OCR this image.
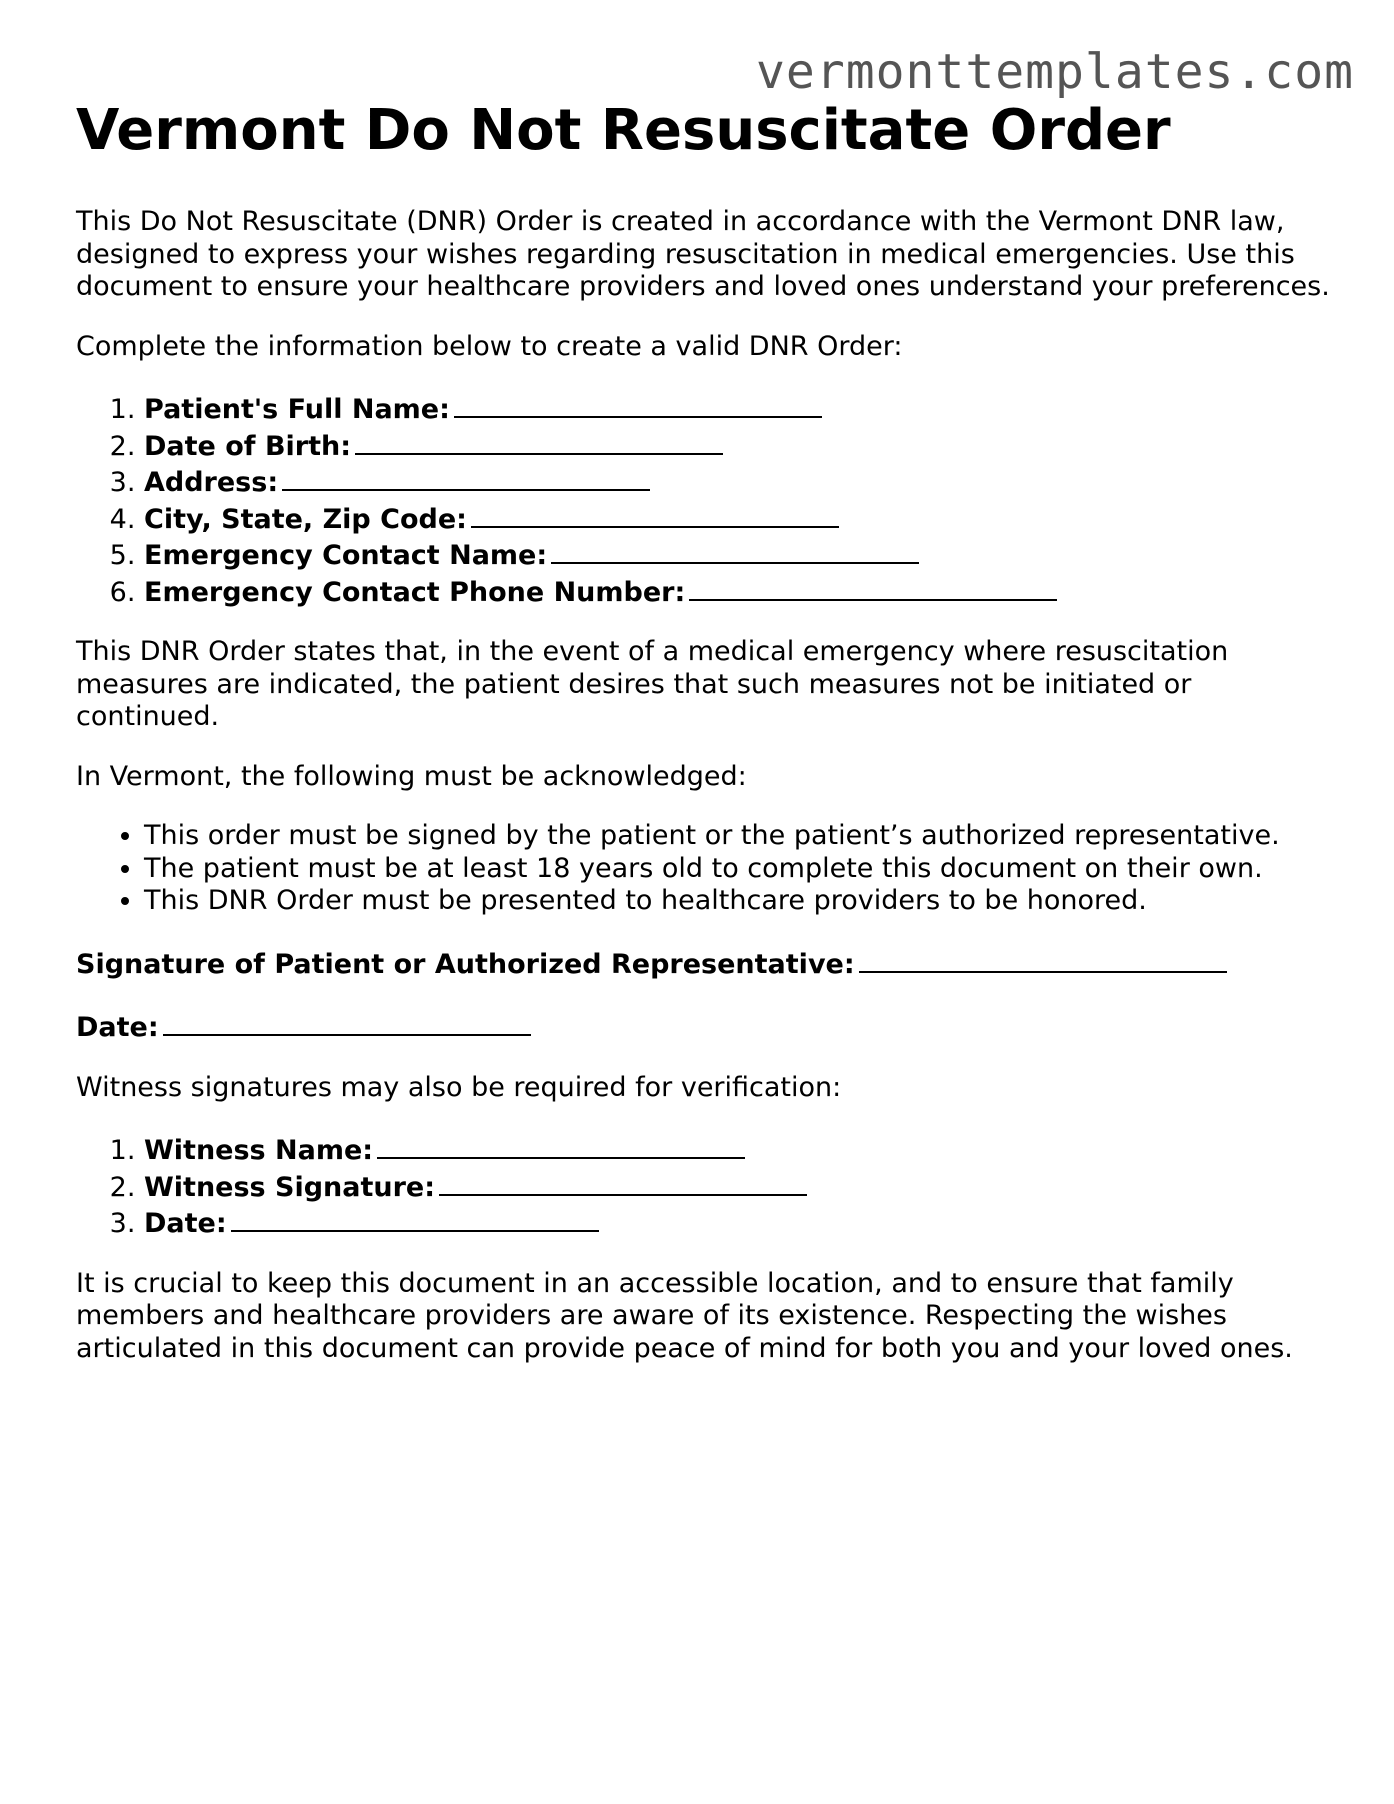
vermonttemplates.com
Vermont Do Not Resuscitate Order

This Do Not Resuscitate (DNR) Order is created in accordance with the Vermont DNR law, designed to express your wishes regarding resuscitation in medical emergencies. Use this document to ensure your healthcare providers and loved ones understand your preferences.

Complete the information below to create a valid DNR Order:

1. Patient's Full Name:
2. Date of Birth:
3. Address:
4. City, State, Zip Code:
5. Emergency Contact Name:
6. Emergency Contact Phone Number:

This DNR Order states that, in the event of a medical emergency where resuscitation measures are indicated, the patient desires that such measures not be initiated or continued.

In Vermont, the following must be acknowledged:

• This order must be signed by the patient or the patient’s authorized representative.
• The patient must be at least 18 years old to complete this document on their own.
• This DNR Order must be presented to healthcare providers to be honored.

Signature of Patient or Authorized Representative:

Date:

Witness signatures may also be required for verification:

1. Witness Name:
2. Witness Signature:
3. Date:

It is crucial to keep this document in an accessible location, and to ensure that family members and healthcare providers are aware of its existence. Respecting the wishes articulated in this document can provide peace of mind for both you and your loved ones.
